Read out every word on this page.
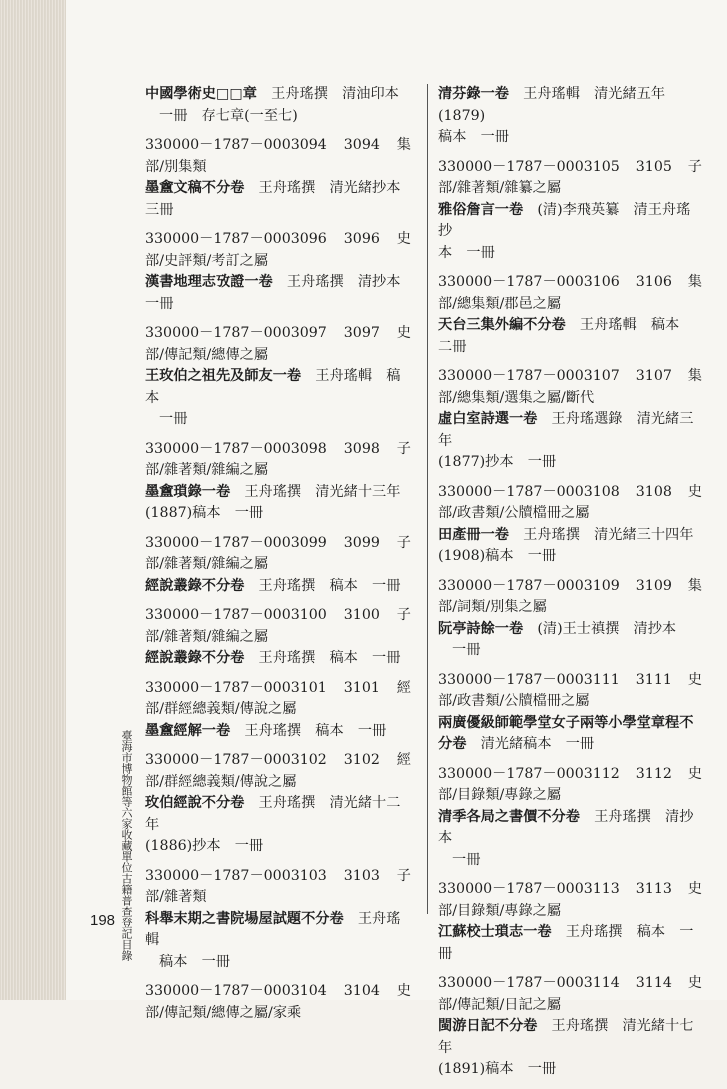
中國學術史□□章　 王舟瑤撰　清油印本
一冊　存七章(一至七)
330000－1787－0003094　3094　集部/別集類
墨盦文稿不分卷　 王舟瑤撰　清光緒抄本
三冊
330000－1787－0003096　3096　史部/史評類/考訂之屬
漢書地理志攷證一卷　 王舟瑤撰　清抄本
一冊
330000－1787－0003097　3097　史部/傳記類/總傳之屬
王玫伯之祖先及師友一卷　 王舟瑤輯　稿本
一冊
330000－1787－0003098　3098　子部/雜著類/雜編之屬
墨盦瑣錄一卷　 王舟瑤撰　清光緒十三年
(1887)稿本　一冊
330000－1787－0003099　3099　子部/雜著類/雜編之屬
經說叢錄不分卷　 王舟瑤撰　稿本　一冊
330000－1787－0003100　3100　子部/雜著類/雜編之屬
經說叢錄不分卷　 王舟瑤撰　稿本　一冊
330000－1787－0003101　3101　經部/群經總義類/傳說之屬
墨盦經解一卷　 王舟瑤撰　稿本　一冊
330000－1787－0003102　3102　經部/群經總義類/傳說之屬
玫伯經說不分卷　 王舟瑤撰　清光緒十二年
(1886)抄本　一冊
330000－1787－0003103　3103　子部/雜著類
科舉末期之書院場屋試題不分卷　 王舟瑤輯
稿本　一冊
330000－1787－0003104　3104　史部/傳記類/總傳之屬/家乘
清芬錄一卷　 王舟瑤輯　清光緒五年(1879)
稿本　一冊
330000－1787－0003105　3105　子部/雜著類/雜纂之屬
雅俗詹言一卷　 (清)李飛英纂　清王舟瑤抄
本　一冊
330000－1787－0003106　3106　集部/總集類/郡邑之屬
天台三集外編不分卷　 王舟瑤輯　稿本
二冊
330000－1787－0003107　3107　集部/總集類/選集之屬/斷代
虛白室詩選一卷　 王舟瑤選錄　清光緒三年
(1877)抄本　一冊
330000－1787－0003108　3108　史部/政書類/公牘檔冊之屬
田產冊一卷　 王舟瑤撰　清光緒三十四年
(1908)稿本　一冊
330000－1787－0003109　3109　集部/詞類/別集之屬
阮亭詩餘一卷　 (清)王士禛撰　清抄本
一冊
330000－1787－0003111　3111　史部/政書類/公牘檔冊之屬
兩廣優級師範學堂女子兩等小學堂章程不分卷　 清光緒稿本　一冊
330000－1787－0003112　3112　史部/目錄類/專錄之屬
清季各局之書價不分卷　 王舟瑤撰　清抄本
一冊
330000－1787－0003113　3113　史部/目錄類/專錄之屬
江蘇校士瑣志一卷　 王舟瑤撰　稿本　一冊
330000－1787－0003114　3114　史部/傳記類/日記之屬
閩游日記不分卷　 王舟瑤撰　清光緒十七年
(1891)稿本　一冊
臺海市博物館等六家收藏單位古籍普查登記目錄
198
